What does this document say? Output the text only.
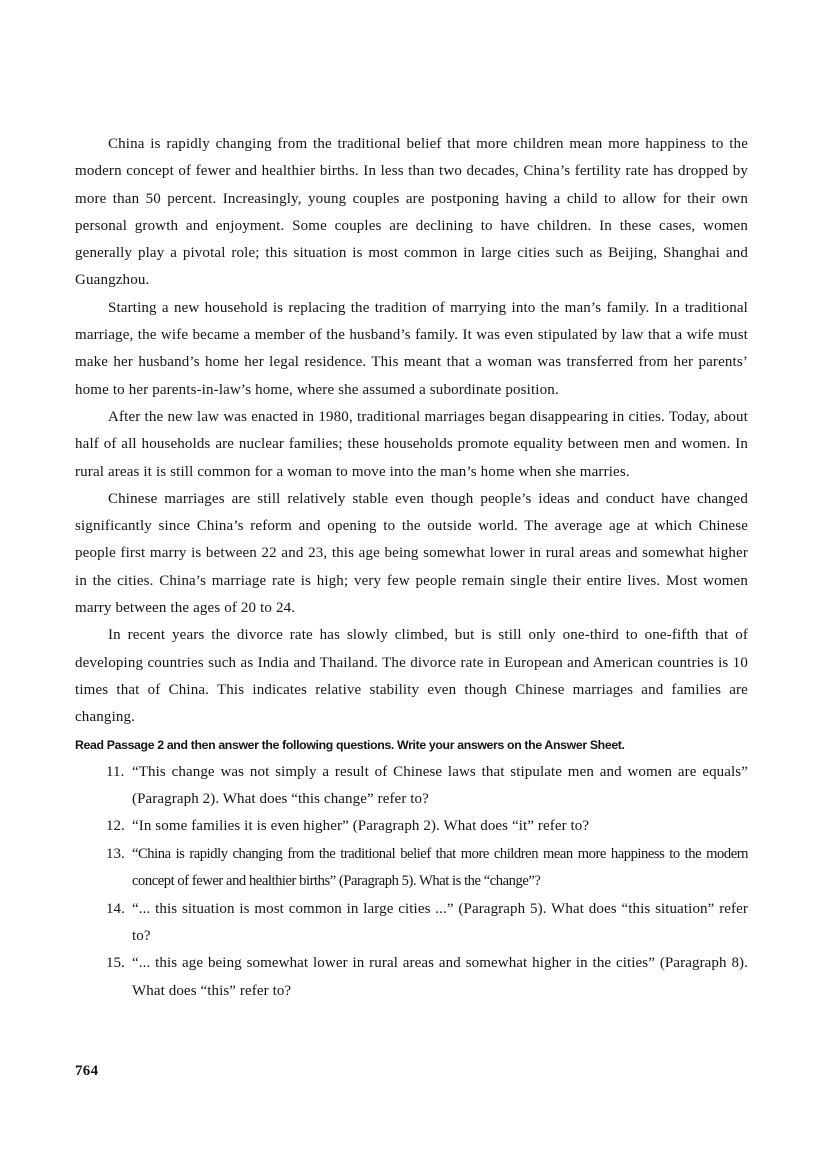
China is rapidly changing from the traditional belief that more children mean more happiness to the modern concept of fewer and healthier births. In less than two decades, China’s fertility rate has dropped by more than 50 percent. Increasingly, young couples are postponing having a child to allow for their own personal growth and enjoyment. Some couples are declining to have children. In these cases, women generally play a pivotal role; this situation is most common in large cities such as Beijing, Shanghai and Guangzhou.

Starting a new household is replacing the tradition of marrying into the man’s family. In a traditional marriage, the wife became a member of the husband’s family. It was even stipulated by law that a wife must make her husband’s home her legal residence. This meant that a woman was transferred from her parents’ home to her parents-in-law’s home, where she assumed a subordinate position.

After the new law was enacted in 1980, traditional marriages began disappearing in cities. Today, about half of all households are nuclear families; these households promote equality between men and women. In rural areas it is still common for a woman to move into the man’s home when she marries.

Chinese marriages are still relatively stable even though people’s ideas and conduct have changed significantly since China’s reform and opening to the outside world. The average age at which Chinese people first marry is between 22 and 23, this age being somewhat lower in rural areas and somewhat higher in the cities. China’s marriage rate is high; very few people remain single their entire lives. Most women marry between the ages of 20 to 24.

In recent years the divorce rate has slowly climbed, but is still only one-third to one-fifth that of developing countries such as India and Thailand. The divorce rate in European and American countries is 10 times that of China. This indicates relative stability even though Chinese marriages and families are changing.

Read Passage 2 and then answer the following questions. Write your answers on the Answer Sheet.

11. “This change was not simply a result of Chinese laws that stipulate men and women are equals” (Paragraph 2). What does “this change” refer to?
12. “In some families it is even higher” (Paragraph 2). What does “it” refer to?
13. “China is rapidly changing from the traditional belief that more children mean more happiness to the modern concept of fewer and healthier births” (Paragraph 5). What is the “change”?
14. “... this situation is most common in large cities ...” (Paragraph 5). What does “this situation” refer to?
15. “... this age being somewhat lower in rural areas and somewhat higher in the cities” (Paragraph 8). What does “this” refer to?
764
